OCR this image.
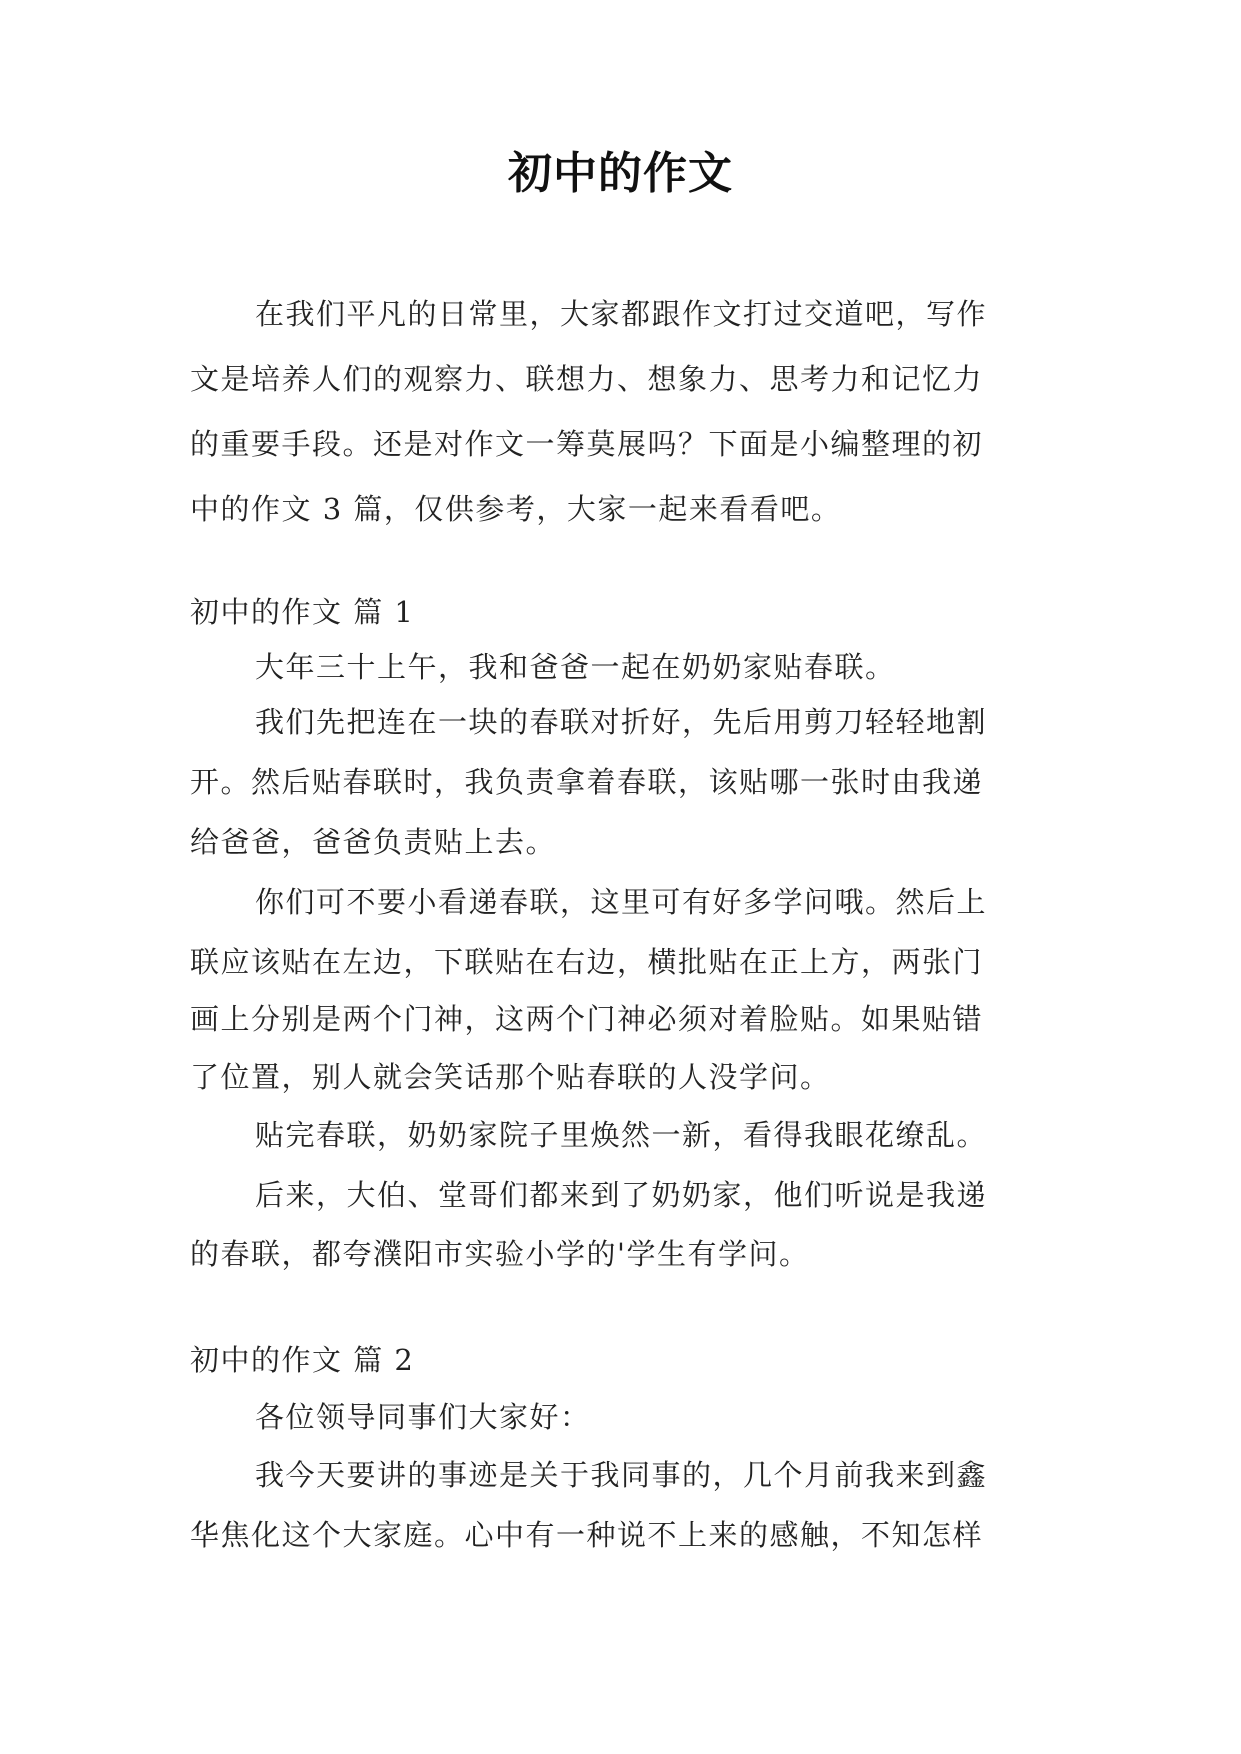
初中的作文
在我们平凡的日常里，大家都跟作文打过交道吧，写作
文是培养人们的观察力、联想力、想象力、思考力和记忆力
的重要手段。还是对作文一筹莫展吗？下面是小编整理的初
中的作文 3 篇，仅供参考，大家一起来看看吧。
初中的作文 篇 1
大年三十上午，我和爸爸一起在奶奶家贴春联。
我们先把连在一块的春联对折好，先后用剪刀轻轻地割
开。然后贴春联时，我负责拿着春联，该贴哪一张时由我递
给爸爸，爸爸负责贴上去。
你们可不要小看递春联，这里可有好多学问哦。然后上
联应该贴在左边，下联贴在右边，横批贴在正上方，两张门
画上分别是两个门神，这两个门神必须对着脸贴。如果贴错
了位置，别人就会笑话那个贴春联的人没学问。
贴完春联，奶奶家院子里焕然一新，看得我眼花缭乱。
后来，大伯、堂哥们都来到了奶奶家，他们听说是我递
的春联，都夸濮阳市实验小学的'学生有学问。
初中的作文 篇 2
各位领导同事们大家好：
我今天要讲的事迹是关于我同事的，几个月前我来到鑫
华焦化这个大家庭。心中有一种说不上来的感触，不知怎样
